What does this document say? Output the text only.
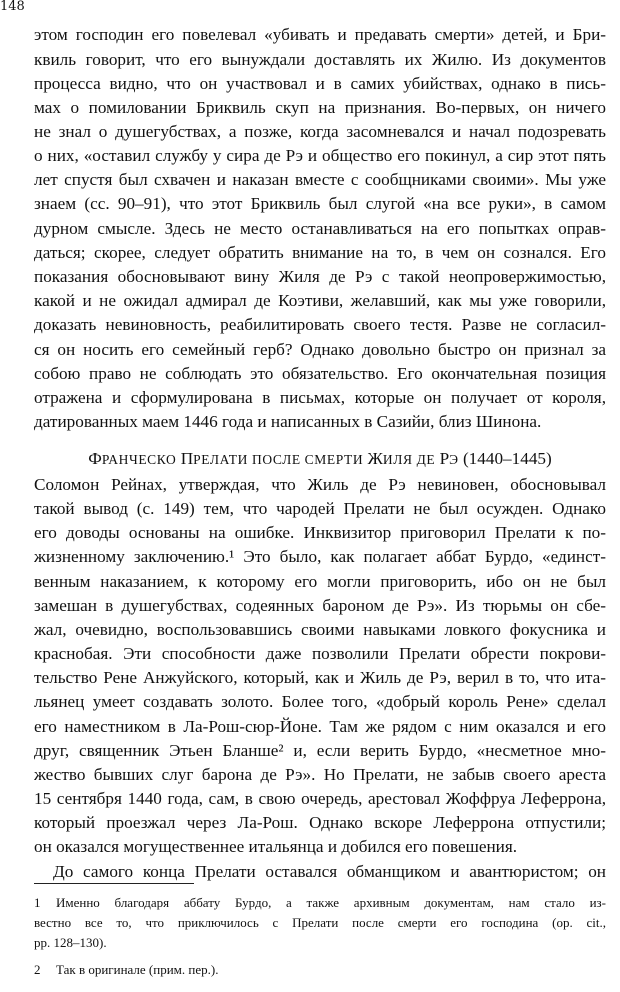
148
этом господин его повелевал «убивать и предавать смерти» детей, и Бри-
квиль говорит, что его вынуждали доставлять их Жилю. Из документов
процесса видно, что он участвовал и в самих убийствах, однако в пись-
мах о помиловании Бриквиль скуп на признания. Во-первых, он ничего
не знал о душегубствах, а позже, когда засомневался и начал подозревать
о них, «оставил службу у сира де Рэ и общество его покинул, а сир этот пять
лет спустя был схвачен и наказан вместе с сообщниками своими». Мы уже
знаем (сс. 90–91), что этот Бриквиль был слугой «на все руки», в самом
дурном смысле. Здесь не место останавливаться на его попытках оправ-
даться; скорее, следует обратить внимание на то, в чем он сознался. Его
показания обосновывают вину Жиля де Рэ с такой неопровержимостью,
какой и не ожидал адмирал де Коэтиви, желавший, как мы уже говорили,
доказать невиновность, реабилитировать своего тестя. Разве не согласил-
ся он носить его семейный герб? Однако довольно быстро он признал за
собою право не соблюдать это обязательство. Его окончательная позиция
отражена и сформулирована в письмах, которые он получает от короля,
датированных маем 1446 года и написанных в Сазийи, близ Шинона.
ФРАНЧЕСКО ПРЕЛАТИ ПОСЛЕ СМЕРТИ ЖИЛЯ ДЕ РЭ (1440–1445)
Соломон Рейнах, утверждая, что Жиль де Рэ невиновен, обосновывал
такой вывод (с. 149) тем, что чародей Прелати не был осужден. Однако
его доводы основаны на ошибке. Инквизитор приговорил Прелати к по-
жизненному заключению.¹ Это было, как полагает аббат Бурдо, «единст-
венным наказанием, к которому его могли приговорить, ибо он не был
замешан в душегубствах, содеянных бароном де Рэ». Из тюрьмы он сбе-
жал, очевидно, воспользовавшись своими навыками ловкого фокусника и
краснобая. Эти способности даже позволили Прелати обрести покрови-
тельство Рене Анжуйского, который, как и Жиль де Рэ, верил в то, что ита-
льянец умеет создавать золото. Более того, «добрый король Рене» сделал
его наместником в Ла-Рош-сюр-Йоне. Там же рядом с ним оказался и его
друг, священник Этьен Бланше² и, если верить Бурдо, «несметное мно-
жество бывших слуг барона де Рэ». Но Прелати, не забыв своего ареста
15 сентября 1440 года, сам, в свою очередь, арестовал Жоффруа Леферрона,
который проезжал через Ла-Рош. Однако вскоре Леферрона отпустили;
он оказался могущественнее итальянца и добился его повешения.
До самого конца Прелати оставался обманщиком и авантюристом; он
1 Именно благодаря аббату Бурдо, а также архивным документам, нам стало из-
вестно все то, что приключилось с Прелати после смерти его господина (op. cit.,
pp. 128–130).
2 Так в оригинале (прим. пер.).
